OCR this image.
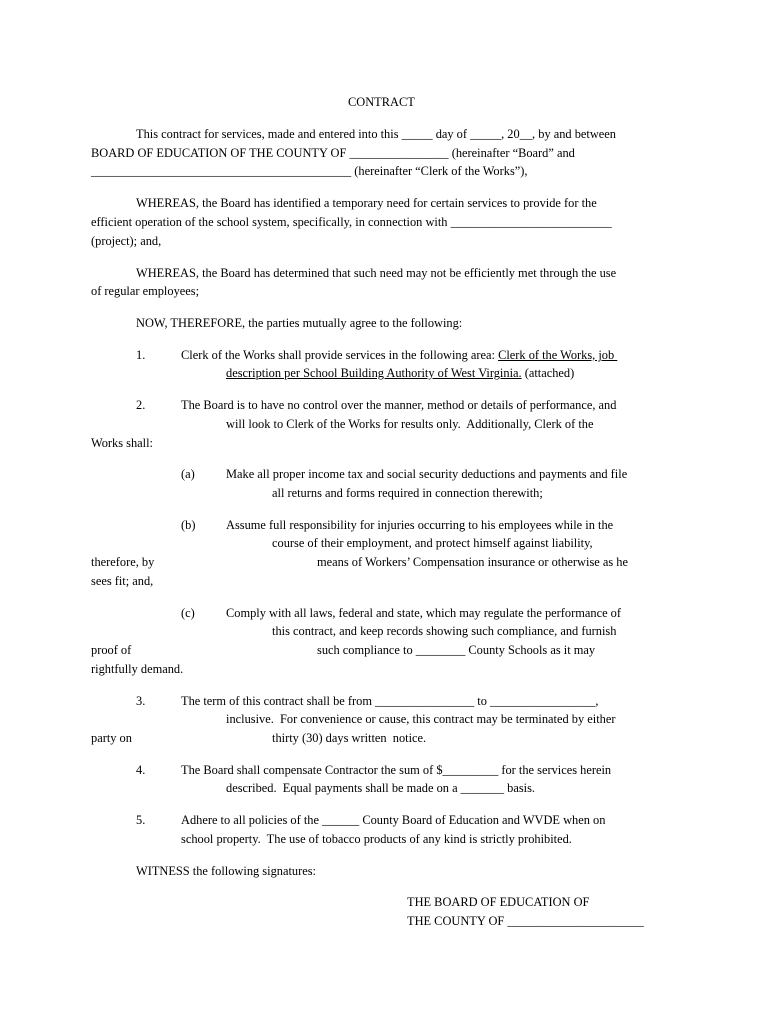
CONTRACT
This contract for services, made and entered into this _____ day of _____, 20__, by and between
BOARD OF EDUCATION OF THE COUNTY OF ________________ (hereinafter “Board” and
__________________________________________ (hereinafter “Clerk of the Works”),
WHEREAS, the Board has identified a temporary need for certain services to provide for the
efficient operation of the school system, specifically, in connection with __________________________
(project); and,
WHEREAS, the Board has determined that such need may not be efficiently met through the use
of regular employees;
NOW, THEREFORE, the parties mutually agree to the following:
1.	Clerk of the Works shall provide services in the following area: Clerk of the Works, job
description per School Building Authority of West Virginia. (attached)
2.	The Board is to have no control over the manner, method or details of performance, and
will look to Clerk of the Works for results only.  Additionally, Clerk of the
Works shall:
(a)	Make all proper income tax and social security deductions and payments and file
all returns and forms required in connection therewith;
(b) Assume full responsibility for injuries occurring to his employees while in the
course of their employment, and protect himself against liability,
therefore, by	means of Workers’ Compensation insurance or otherwise as he
sees fit; and,
(c)	Comply with all laws, federal and state, which may regulate the performance of
this contract, and keep records showing such compliance, and furnish
proof of	such compliance to ________ County Schools as it may
rightfully demand.
3.	The term of this contract shall be from ________________ to _________________,
inclusive.  For convenience or cause, this contract may be terminated by either
party on	thirty (30) days written  notice.
4.	The Board shall compensate Contractor the sum of $_________ for the services herein
described.  Equal payments shall be made on a _______ basis.
5.	Adhere to all policies of the ______ County Board of Education and WVDE when on
school property.  The use of tobacco products of any kind is strictly prohibited.
WITNESS the following signatures:
THE BOARD OF EDUCATION OF
THE COUNTY OF ______________________
